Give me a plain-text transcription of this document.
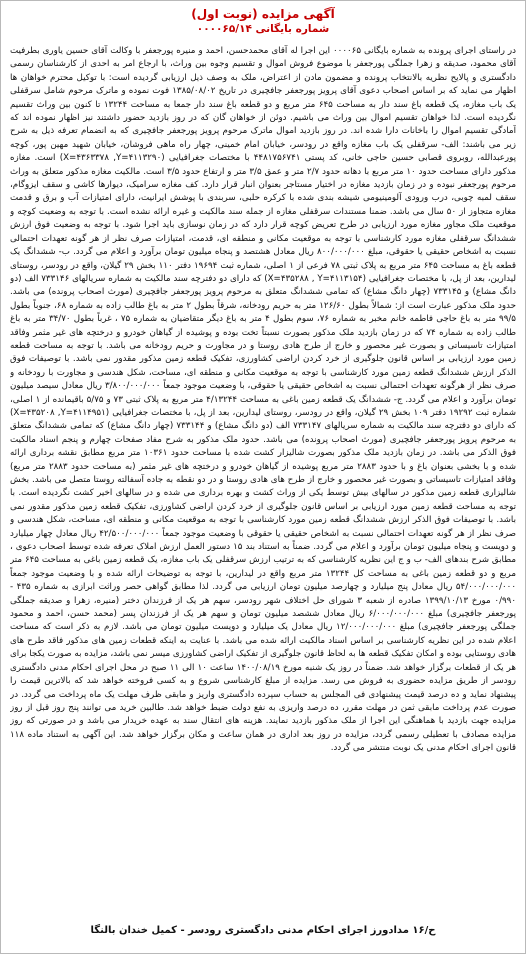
آگهی مزایده (نوبت اول)
شماره بایگانی ۰۰۰۰۶۵/۱۴
در راستای اجرای پرونده به شماره بایگانی ۰۰۰۰۶۵ این اجرا له آقای محمدحسن، احمد و منیره پورجعفر با وکالت آقای حسین یاوری بطرفیت آقای محمود، صدیقه و زهرا جملگی پورجعفر با موضوع فروش اموال و تقسیم وجوه بین وراث، با ارجاع امر به احدی از کارشناسان رسمی دادگستری و پالایح نظریه بالانتخاب پرونده و مضمون مادن از اعتراض، ملک به وصف ذیل ارزیابی گردیده است: با توکیل محترم خواهان ها اظهار می نماید که بر اساس اصحاب دعوی آقای پرویز پورجعفر جافچیری در تاریخ ۱۳۸۵/۰۸/۰۲ فوت نموده و ماترک مرحوم شامل سرقفلی یک باب مغازه، یک قطعه باغ سند دار به مساحت ۶۴۵ متر مربع و دو قطعه باغ سند دار جمعا به مساحت ۱۳۲۴۴ تا کنون بین وراث تقسیم نگردیده است. لذا خواهان تقسیم اموال بین وراث می باشیم. دوئن از خواهان گان که در روز بازدید حضور داشتند نیز اظهار نموده اند که آمادگی تقسیم اموال را باخانات دارا شده اند. در روز بازدید اموال ماترک مرحوم پرویز پورجعفر جافچیری که به انضمام تعرفه ذیل به شرح زیر می باشند: الف- سرقفلی یک باب مغازه واقع در رودسر، خیابان امام خمینی، چهار راه ماهی فروشان، خیابان شهید مهین پور، کوچه پورعبدالله، روبروی قصابی حسین حاجی خانی، کد پستی ۴۴۸۱۷۵۶۷۴۱ با مختصات جغرافیایی (X=۴۳۶۳۳۷۸ ,Y=۴۱۱۳۲۹۰) است. مغازه مذکور دارای مساحت حدود ۱۰ متر مربع با دهانه حدود ۲/۷ متر و عمق ۳/۵ متر و ارتفاع حدود ۳/۵ است. مالکیت مغازه مذکور متعلق به وراث مرحوم پورجعفر نبوده و در زمان بازدید مغازه در اختیار مستاجر بعنوان انبار قرار دارد. کف مغازه سرامیک، دیوارها کاشی و سقف ایزوگام، سقف لمبه چوبی، درب ورودی آلومینیومی شیشه بندی شده با کرکره حلبی، سربندی با پوشش ایرانیت، دارای امتیازات آب و برق و قدمت مغازه متجاوز از ۵۰ سال می باشد. ضمنا مستندات سرقفلی مغازه از جمله سند مالکیت و غیره ارائه نشده است. با توجه به وضعیت کوچه و موقعیت ملک مجاور مغازه مورد ارزیابی در طرح تعریض کوچه قرار دارد که در زمان نوسازی باید اجرا شود. با توجه به وضعیت فوق ارزش ششدانگ سرقفلی مغازه مورد کارشناسی با توجه به موقعیت مکانی و منطقه ای، قدمت، امتیازات صرف نظر از هر گونه تعهدات احتمالی نسبت به اشخاص حقیقی یا حقوقی، مبلغ ۸۰۰/۰۰۰/۰۰۰ ریال معادل هشتصد و پنجاه میلیون تومان برآورد و اعلام می گردد. ب- ششدانگ یک قطعه باغ به مساحت ۶۴۵ متر مربع به پلاک ثبتی ۷۸ فرعی از ۱ اصلی، شماره ثبت ۱۹۶۹۴ دفتر ۱۱۰ بخش ۲۹ گیلان، واقع در رودسر، روستای لیدارین، بعد از پل، با مختصات جغرافیایی (X=۴۳۵۲۸۸ , Y=۴۱۱۳۱۵۴) که دارای دو دفترچه سند مالکیت به شماره سریالهای ۷۳۳۱۴۶ الف (دو دانگ مشاع) و ۷۳۳۱۴۵ (چهار دانگ مشاع) که تمامی ششدانگ متعلق به مرحوم پرویز پورجعفر جافچیری (مورث اصحاب پرونده) می باشد. حدود ملک مذکور عبارت است از: شمالاً بطول ۱۲۶/۶۰ متر به حریم رودخانه، شرقاً بطول ۲ متر به باغ طالب زاده به شماره ۶۸، جنوباً بطول ۹۹/۵ متر به باغ حاجی فاطمه خانم مخبر به شماره ۷۶، سوم بطول ۴ متر به باغ دیگر متقاضیان به شماره ۷۵ ، غرباً بطول ۳۴/۷۰ متر به باغ طالب زاده به شماره ۷۴ که در زمان بازدید ملک مذکور بصورت نسبتاً تخت بوده و پوشیده از گیاهان خودرو و درختچه های غیر مثمر وفاقد امتیازات تاسیساتی و بصورت غیر محصور و خارج از طرح هادی روستا و در مجاورت و حریم رودخانه می باشد. با توجه به مساحت قطعه زمین مورد ارزیابی بر اساس قانون جلوگیری از خرد کردن اراضی کشاورزی، تفکیک قطعه زمین مذکور مقدور نمی باشد. با توصیفات فوق الذکر ارزش ششدانگ قطعه زمین مورد کارشناسی با توجه به موقعیت مکانی و منطقه ای، مساحت، شکل هندسی و مجاورت با رودخانه و صرف نظر از هرگونه تعهدات احتمالی نسبت به اشخاص حقیقی یا حقوقی، با وضعیت موجود جمعاً ۳/۸۰۰/۰۰۰/۰۰۰ ریال معادل سیصد میلیون تومان برآورد و اعلام می گردد. ج- ششدانگ یک قطعه زمین باغی به مساحت ۴/۱۳۲۴۴ متر مربع به پلاک ثبتی ۷۳ و ۵/۷۵ باقیمانده از ۱ اصلی، شماره ثبت ۱۹۲۹۲ دفتر ۱۰۹ بخش ۲۹ گیلان، واقع در رودسر، روستای لیدارین، بعد از پل، با مختصات جغرافیایی (X=۴۳۵۲۰۸ ,Y=۴۱۱۴۹۵۱) که دارای دو دفترچه سند مالکیت به شماره سریالهای ۷۳۳۱۴۷ الف (دو دانگ مشاع) و ۷۳۳۱۴۴ (چهار دانگ مشاع) که تمامی ششدانگ متعلق به مرحوم پرویز پورجعفر جافچیری (مورث اصحاب پرونده) می باشد. حدود ملک مذکور به شرح مفاد صفحات چهارم و پنجم اسناد مالکیت فوق الذکر می باشد. در زمان بازدید ملک مذکور بصورت شالیزار کشت شده با مساحت حدود ۱۰۳۶۱ متر مربع مطابق نقشه برداری ارائه شده و با بخشی بعنوان باغ و با حدود ۲۸۸۳ متر مربع پوشیده از گیاهان خودرو و درختچه های غیر مثمر (به مساحت حدود ۲۸۸۳ متر مربع) وفاقد امتیازات تاسیساتی و بصورت غیر محصور و خارج از طرح های هادی روستا و در دو نقطه به جاده آسفالته روستا متصل می باشد. بخش شالیزاری قطعه زمین مذکور در سالهای بیش توسط یکی از وراث کشت و بهره برداری می شده و در سالهای اخیر کشت نگردیده است. با توجه به مساحت قطعه زمین مورد ارزیابی بر اساس قانون جلوگیری از خرد کردن اراضی کشاورزی، تفکیک قطعه زمین مذکور مقدور نمی باشد. با توصیفات فوق الذکر ارزش ششدانگ قطعه زمین مورد کارشناسی با توجه به موقعیت مکانی و منطقه ای، مساحت، شکل هندسی و صرف نظر از هر گونه تعهدات احتمالی نسبت به اشخاص حقیقی یا حقوقی با وضعیت موجود جمعاً ۴۲/۵۰۰/۰۰۰/۰۰۰ ریال معادل چهار میلیارد و دویست و پنجاه میلیون تومان برآورد و اعلام می گردد. ضمناً به استناد بند ۱۵ دستور العمل ارزش املاک تعرفه شده توسط اصحاب دعوی ، مطابق شرح بندهای الف- ب و ج این نظریه کارشناسی که به ترتیب ارزش سرقفلی یک باب مغازه، یک قطعه زمین باغی به مساحت ۶۴۵ متر مربع و دو قطعه زمین باغی به مساحت کل ۱۳۲۴۴ متر مربع واقع در لیدارین، با توجه به توضیحات ارائه شده و با وضعیت موجود جمعاً ۵۴/۰۰۰/۰۰۰/۰۰۰ ریال معادل پنج میلیارد و چهارصد میلیون تومان ارزیابی می گردد. لذا مطابق گواهی حصر وراثت ابرازی به شماره ۴۳۵ - ۰/۹۹۰ مورخ ۱۳۹۹/۱۰/۱۳ صادره از شعبه ۳ شورای حل اختلاف شهر رودسر، سهم هر یک از فرزندان دختر (منیره، زهرا و صدیقه جملگی پورجعفر جافچیری) مبلغ ۶/۰۰۰/۰۰۰/۰۰۰ ریال معادل ششصد میلیون تومان و سهم هر یک از فرزندان پسر (محمد حسن، احمد و محمود جملگی پورجعفر جافچیری) مبلغ ۱۲/۰۰۰/۰۰۰/۰۰۰ ریال معادل یک میلیارد و دویست میلیون تومان می باشد. لازم به ذکر است که مساحت اعلام شده در این نظریه کارشناسی بر اساس اسناد مالکیت ارائه شده می باشد. با عنایت به اینکه قطعات زمین های مذکور فاقد طرح های هادی روستایی بوده و امکان تفکیک قطعه ها به لحاظ قانون جلوگیری از تفکیک اراضی کشاورزی میسر نمی باشد، مزایده به صورت یکجا برای هر یک از قطعات برگزار خواهد شد. ضمناً در روز یک شنبه مورخ ۱۴۰۰/۰۸/۱۹ ساعت ۱۰ الی ۱۱ صبح در محل اجرای احکام مدنی دادگستری رودسر از طریق مزایده حضوری به فروش می رسد. مزایده از مبلغ کارشناسی شروع و به کسی فروخته خواهد شد که بالاترین قیمت را پیشنهاد نماید و ده درصد قیمت پیشنهادی فی المجلس به حساب سپرده دادگستری واریز و مابقی ظرف مهلت یک ماه پرداخت می گردد. در صورت عدم پرداخت مابقی ثمن در مهلت مقرر، ده درصد واریزی به نفع دولت ضبط خواهد شد. طالبین خرید می توانند پنج روز قبل از روز مزایده جهت بازدید با هماهنگی این اجرا از ملک مذکور بازدید نمایند. هزینه های انتقال سند به عهده خریدار می باشد و در صورتی که روز مزایده مصادف با تعطیلی رسمی گردد، مزایده در روز بعد اداری در همان ساعت و مکان برگزار خواهد شد. این آگهی به استناد ماده ۱۱۸ قانون اجرای احکام مدنی یک نوبت منتشر می گردد.
ح/۱۶ مدادورز اجرای احکام مدنی دادگستری رودسر - کمیل خندان بالنگا
